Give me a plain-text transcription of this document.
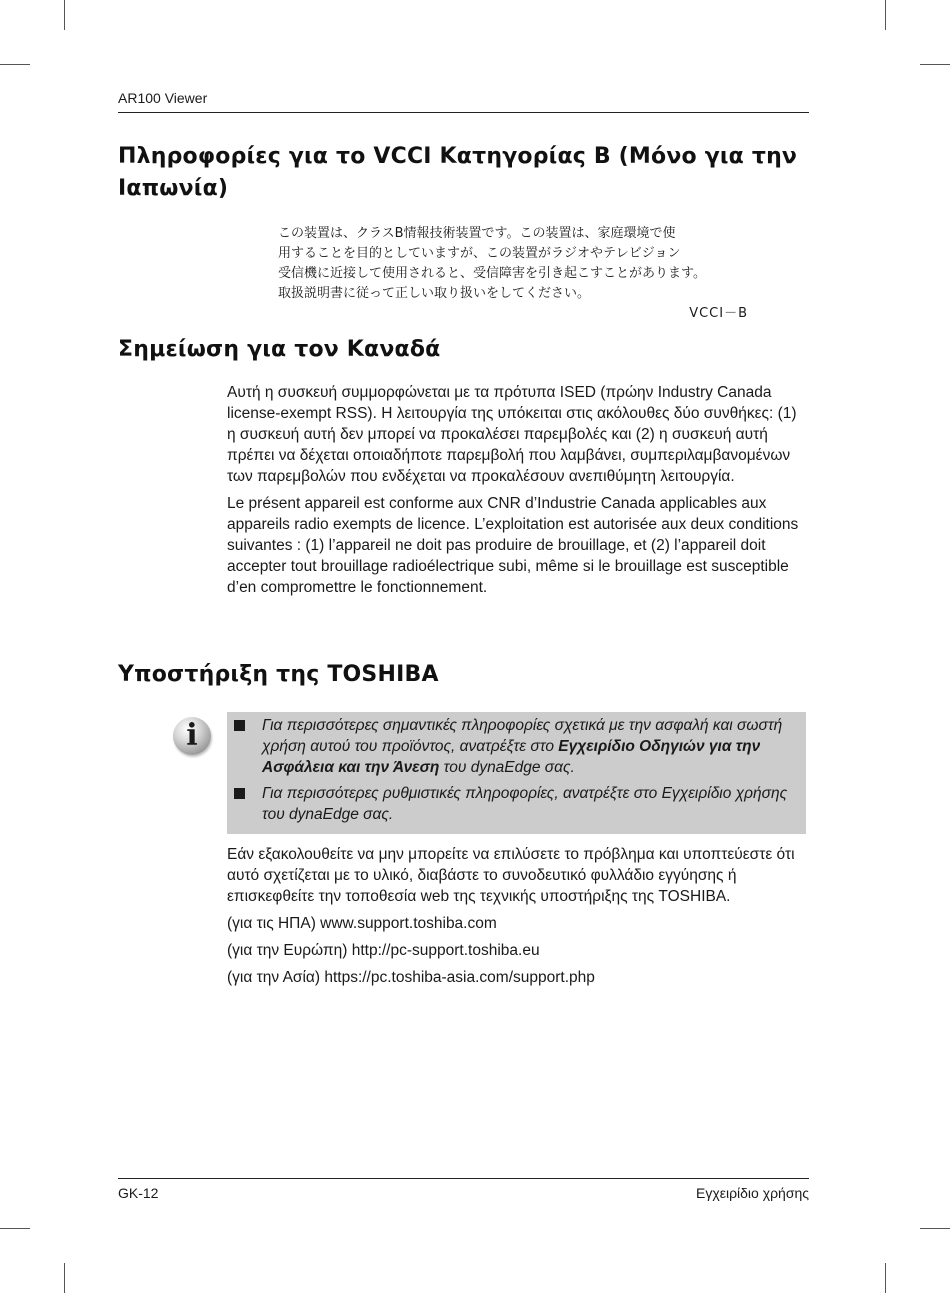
AR100 Viewer
Πληροφορίες για το VCCI Κατηγορίας B (Μόνο για την Ιαπωνία)

この装置は、クラスB情報技術装置です。この装置は、家庭環境で使

用することを目的としていますが、この装置がラジオやテレビジョン

受信機に近接して使用されると、受信障害を引き起こすことがあります。

取扱説明書に従って正しい取り扱いをしてください。

VCCI－B

Σημείωση για τον Καναδά

Αυτή η συσκευή συμμορφώνεται με τα πρότυπα ISED (πρώην Industry Canada license-exempt RSS). Η λειτουργία της υπόκειται στις ακόλουθες δύο συνθήκες: (1) η συσκευή αυτή δεν μπορεί να προκαλέσει παρεμβολές και (2) η συσκευή αυτή πρέπει να δέχεται οποιαδήποτε παρεμβολή που λαμβάνει, συμπεριλαμβανομένων των παρεμβολών που ενδέχεται να προκαλέσουν ανεπιθύμητη λειτουργία.

Le présent appareil est conforme aux CNR d’Industrie Canada applicables aux appareils radio exempts de licence. L’exploitation est autorisée aux deux conditions suivantes : (1) l’appareil ne doit pas produire de brouillage, et (2) l’appareil doit accepter tout brouillage radioélectrique subi, même si le brouillage est susceptible d’en compromettre le fonctionnement.

Υποστήριξη της TOSHIBA
i	Για περισσότερες σημαντικές πληροφορίες σχετικά με την ασφαλή και σωστή χρήση αυτού του προϊόντος, ανατρέξτε στο Εγχειρίδιο Οδηγιών για την Ασφάλεια και την Άνεση του dynaEdge σας.
Για περισσότερες ρυθμιστικές πληροφορίες, ανατρέξτε στο Εγχειρίδιο χρήσης του dynaEdge σας.

Εάν εξακολουθείτε να μην μπορείτε να επιλύσετε το πρόβλημα και υποπτεύεστε ότι αυτό σχετίζεται με το υλικό, διαβάστε το συνοδευτικό φυλλάδιο εγγύησης ή επισκεφθείτε την τοποθεσία web της τεχνικής υποστήριξης της TOSHIBA.

(για τις ΗΠΑ) www.support.toshiba.com

(για την Ευρώπη) http://pc-support.toshiba.eu

(για την Ασία) https://pc.toshiba-asia.com/support.php

GK-12	Εγχειρίδιο χρήσης
